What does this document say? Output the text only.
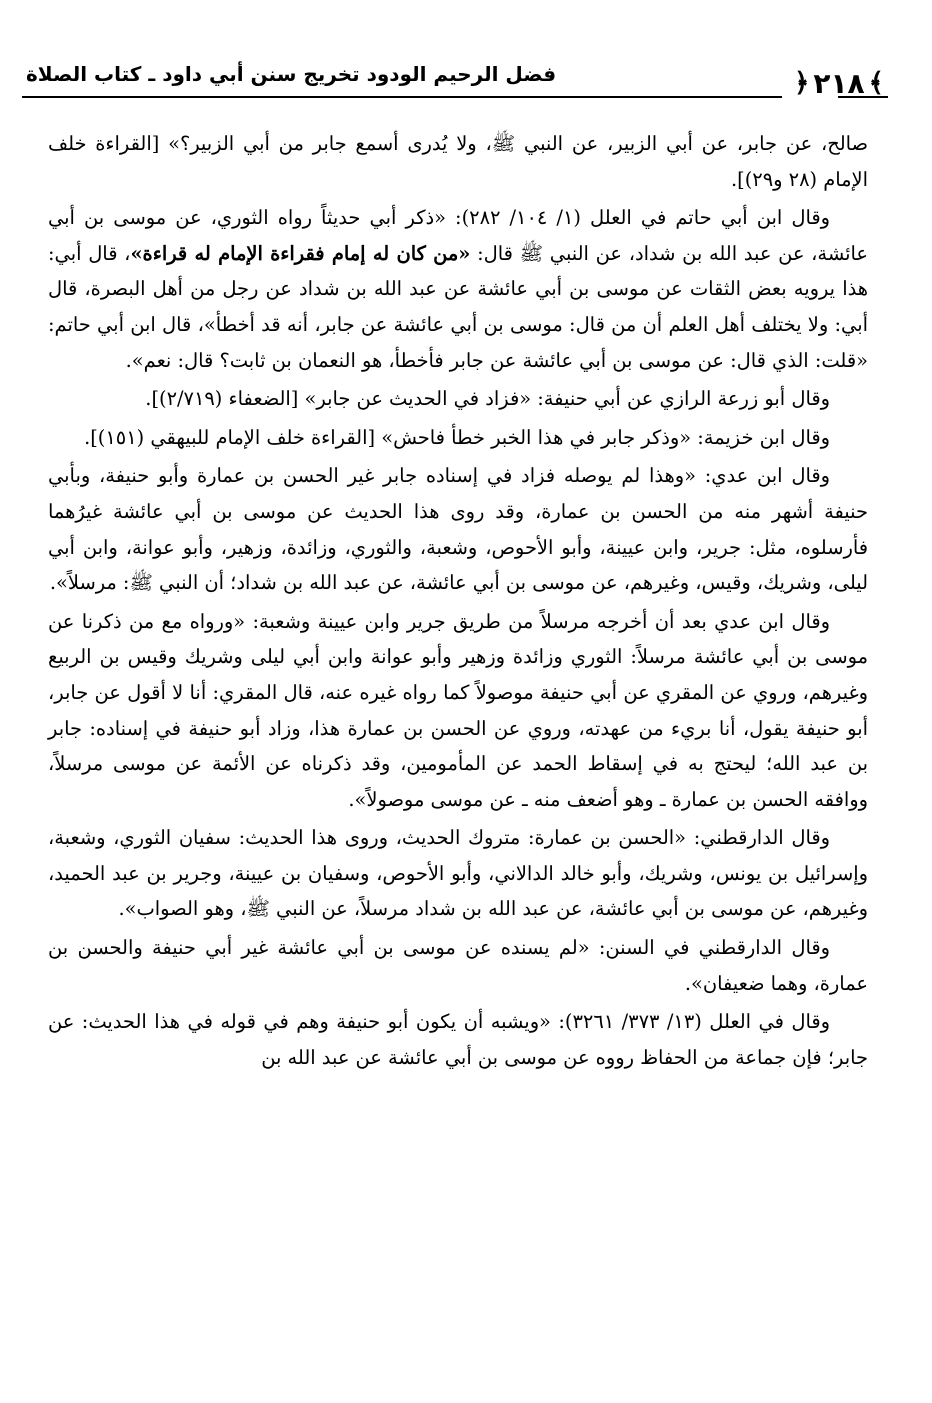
﴾
٢١٨
﴿
فضل الرحيم الودود تخريج سنن أبي داود ـ كتاب الصلاة

صالح، عن جابر، عن أبي الزبير، عن النبي ﷺ، ولا يُدرى أسمع جابر من أبي الزبير؟» [القراءة خلف الإمام (٢٨ و٢٩)].

وقال ابن أبي حاتم في العلل (١/ ١٠٤/ ٢٨٢): «ذكر أبي حديثاً رواه الثوري، عن موسى بن أبي عائشة، عن عبد الله بن شداد، عن النبي ﷺ قال: «من كان له إمام فقراءة الإمام له قراءة»، قال أبي: هذا يرويه بعض الثقات عن موسى بن أبي عائشة عن عبد الله بن شداد عن رجل من أهل البصرة، قال أبي: ولا يختلف أهل العلم أن من قال: موسى بن أبي عائشة عن جابر، أنه قد أخطأ»، قال ابن أبي حاتم: «قلت: الذي قال: عن موسى بن أبي عائشة عن جابر فأخطأ، هو النعمان بن ثابت؟ قال: نعم».

وقال أبو زرعة الرازي عن أبي حنيفة: «فزاد في الحديث عن جابر» [الضعفاء (٢/٧١٩)].

وقال ابن خزيمة: «وذكر جابر في هذا الخبر خطأ فاحش» [القراءة خلف الإمام للبيهقي (١٥١)].

وقال ابن عدي: «وهذا لم يوصله فزاد في إسناده جابر غير الحسن بن عمارة وأبو حنيفة، وبأبي حنيفة أشهر منه من الحسن بن عمارة، وقد روى هذا الحديث عن موسى بن أبي عائشة غيرُهما فأرسلوه، مثل: جرير، وابن عيينة، وأبو الأحوص، وشعبة، والثوري، وزائدة، وزهير، وأبو عوانة، وابن أبي ليلى، وشريك، وقيس، وغيرهم، عن موسى بن أبي عائشة، عن عبد الله بن شداد؛ أن النبي ﷺ: مرسلاً».

وقال ابن عدي بعد أن أخرجه مرسلاً من طريق جرير وابن عيينة وشعبة: «ورواه مع من ذكرنا عن موسى بن أبي عائشة مرسلاً: الثوري وزائدة وزهير وأبو عوانة وابن أبي ليلى وشريك وقيس بن الربيع وغيرهم، وروي عن المقري عن أبي حنيفة موصولاً كما رواه غيره عنه، قال المقري: أنا لا أقول عن جابر، أبو حنيفة يقول، أنا بريء من عهدته، وروي عن الحسن بن عمارة هذا، وزاد أبو حنيفة في إسناده: جابر بن عبد الله؛ ليحتج به في إسقاط الحمد عن المأمومين، وقد ذكرناه عن الأئمة عن موسى مرسلاً، ووافقه الحسن بن عمارة ـ وهو أضعف منه ـ عن موسى موصولاً».

وقال الدارقطني: «الحسن بن عمارة: متروك الحديث، وروى هذا الحديث: سفيان الثوري، وشعبة، وإسرائيل بن يونس، وشريك، وأبو خالد الدالاني، وأبو الأحوص، وسفيان بن عيينة، وجرير بن عبد الحميد، وغيرهم، عن موسى بن أبي عائشة، عن عبد الله بن شداد مرسلاً، عن النبي ﷺ، وهو الصواب».

وقال الدارقطني في السنن: «لم يسنده عن موسى بن أبي عائشة غير أبي حنيفة والحسن بن عمارة، وهما ضعيفان».

وقال في العلل (١٣/ ٣٧٣/ ٣٢٦١): «ويشبه أن يكون أبو حنيفة وهم في قوله في هذا الحديث: عن جابر؛ فإن جماعة من الحفاظ رووه عن موسى بن أبي عائشة عن عبد الله بن
